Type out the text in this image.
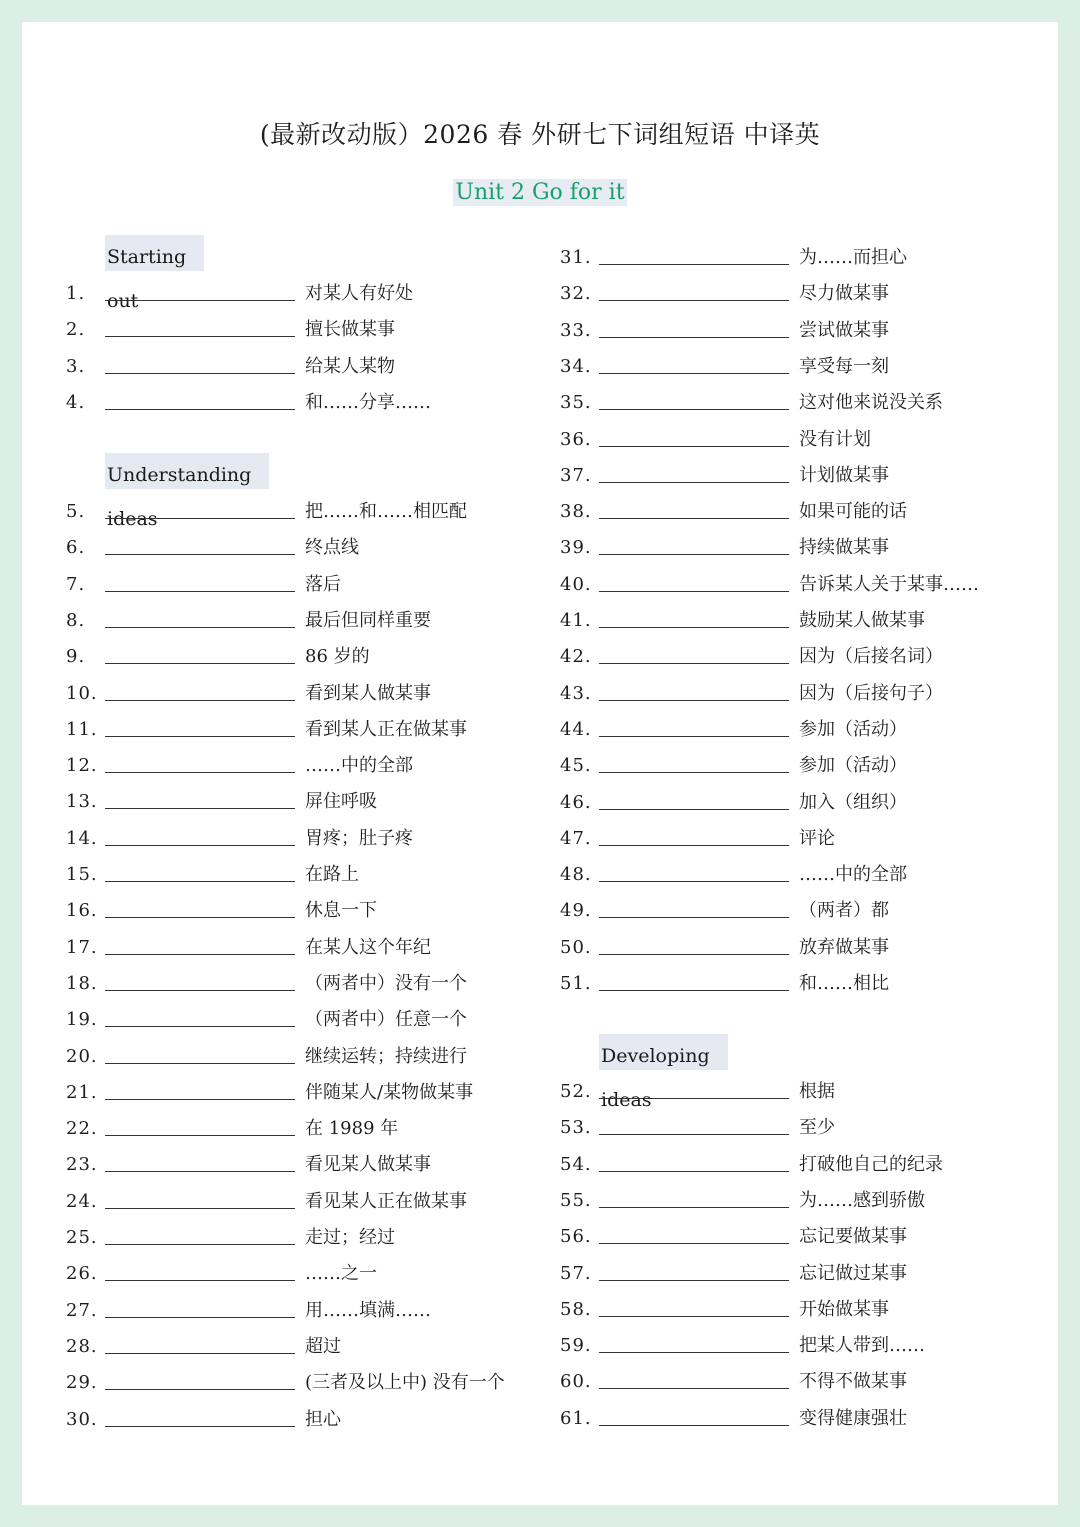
(最新改动版）2026 春 外研七下词组短语 中译英
Unit 2 Go for it
Starting out
Understanding ideas
1.	对某人有好处
2.	擅长做某事
3.	给某人某物
4.	和……分享……
5.	把……和……相匹配
6.	终点线
7.	落后
8.	最后但同样重要
9.	86 岁的
10.	看到某人做某事
11.	看到某人正在做某事
12.	……中的全部
13.	屏住呼吸
14.	胃疼；肚子疼
15.	在路上
16.	休息一下
17.	在某人这个年纪
18.	（两者中）没有一个
19.	（两者中）任意一个
20.	继续运转；持续进行
21.	伴随某人/某物做某事
22.	在 1989 年
23.	看见某人做某事
24.	看见某人正在做某事
25.	走过；经过
26.	……之一
27.	用……填满……
28.	超过
29.	(三者及以上中) 没有一个
30.	担心
Developing ideas
31.	为……而担心
32.	尽力做某事
33.	尝试做某事
34.	享受每一刻
35.	这对他来说没关系
36.	没有计划
37.	计划做某事
38.	如果可能的话
39.	持续做某事
40.	告诉某人关于某事……
41.	鼓励某人做某事
42.	因为（后接名词）
43.	因为（后接句子）
44.	参加（活动）
45.	参加（活动）
46.	加入（组织）
47.	评论
48.	……中的全部
49.	（两者）都
50.	放弃做某事
51.	和……相比
52.	根据
53.	至少
54.	打破他自己的纪录
55.	为……感到骄傲
56.	忘记要做某事
57.	忘记做过某事
58.	开始做某事
59.	把某人带到……
60.	不得不做某事
61.	变得健康强壮
